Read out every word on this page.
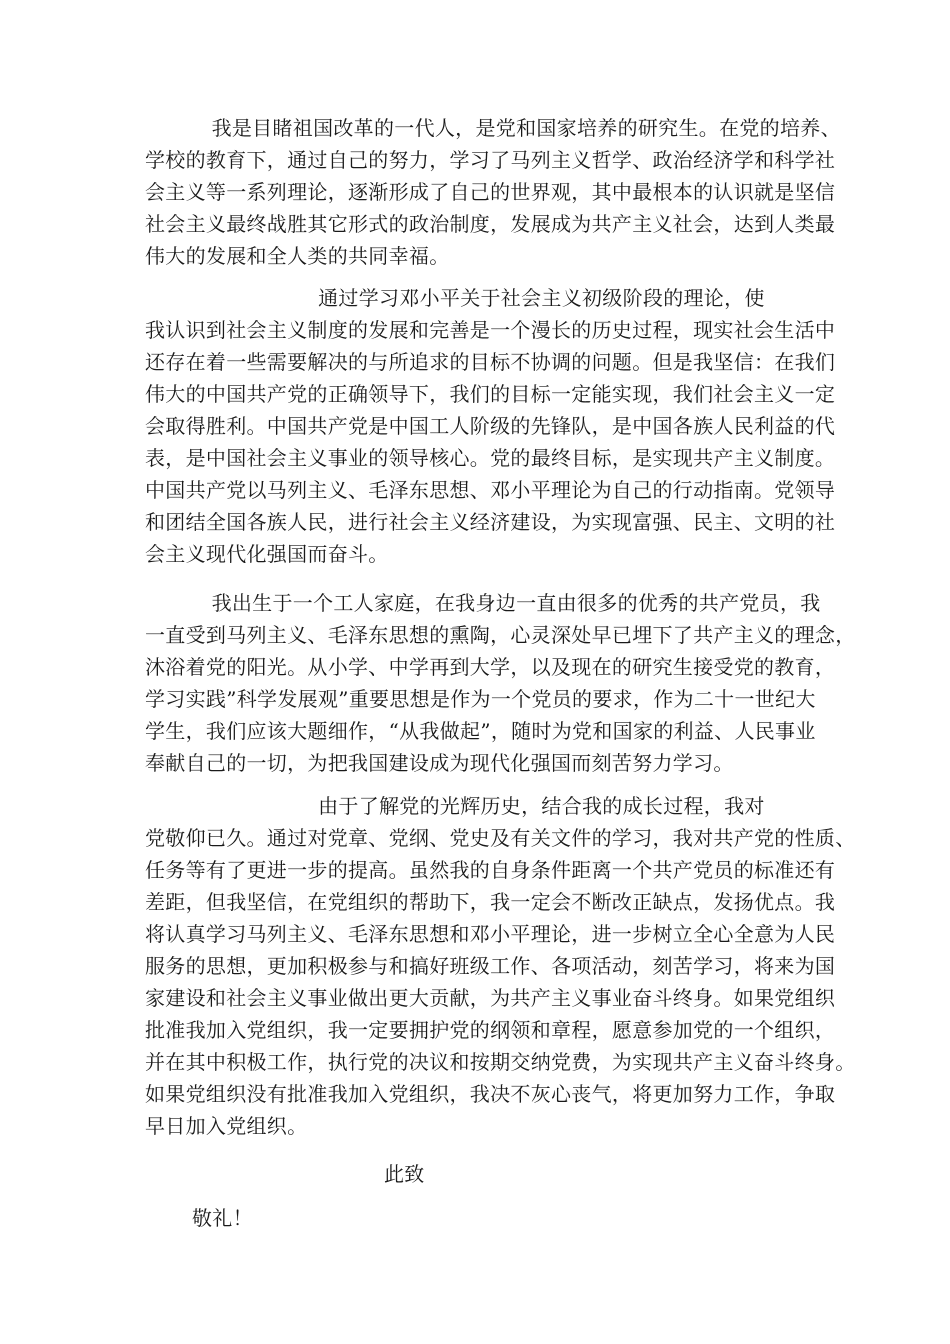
我是目睹祖国改革的一代人，是党和国家培养的研究生。在党的培养、
学校的教育下，通过自己的努力，学习了马列主义哲学、政治经济学和科学社
会主义等一系列理论，逐渐形成了自己的世界观，其中最根本的认识就是坚信
社会主义最终战胜其它形式的政治制度，发展成为共产主义社会，达到人类最
伟大的发展和全人类的共同幸福。
通过学习邓小平关于社会主义初级阶段的理论，使
我认识到社会主义制度的发展和完善是一个漫长的历史过程，现实社会生活中
还存在着一些需要解决的与所追求的目标不协调的问题。但是我坚信：在我们
伟大的中国共产党的正确领导下，我们的目标一定能实现，我们社会主义一定
会取得胜利。中国共产党是中国工人阶级的先锋队，是中国各族人民利益的代
表，是中国社会主义事业的领导核心。党的最终目标，是实现共产主义制度。
中国共产党以马列主义、毛泽东思想、邓小平理论为自己的行动指南。党领导
和团结全国各族人民，进行社会主义经济建设，为实现富强、民主、文明的社
会主义现代化强国而奋斗。
我出生于一个工人家庭，在我身边一直由很多的优秀的共产党员，我
一直受到马列主义、毛泽东思想的熏陶，心灵深处早已埋下了共产主义的理念，
沐浴着党的阳光。从小学、中学再到大学，以及现在的研究生接受党的教育，
学习实践”科学发展观”重要思想是作为一个党员的要求，作为二十一世纪大
学生，我们应该大题细作，“从我做起”，随时为党和国家的利益、人民事业
奉献自己的一切，为把我国建设成为现代化强国而刻苦努力学习。
由于了解党的光辉历史，结合我的成长过程，我对
党敬仰已久。通过对党章、党纲、党史及有关文件的学习，我对共产党的性质、
任务等有了更进一步的提高。虽然我的自身条件距离一个共产党员的标准还有
差距，但我坚信，在党组织的帮助下，我一定会不断改正缺点，发扬优点。我
将认真学习马列主义、毛泽东思想和邓小平理论，进一步树立全心全意为人民
服务的思想，更加积极参与和搞好班级工作、各项活动，刻苦学习，将来为国
家建设和社会主义事业做出更大贡献，为共产主义事业奋斗终身。如果党组织
批准我加入党组织，我一定要拥护党的纲领和章程，愿意参加党的一个组织，
并在其中积极工作，执行党的决议和按期交纳党费，为实现共产主义奋斗终身。
如果党组织没有批准我加入党组织，我决不灰心丧气，将更加努力工作，争取
早日加入党组织。

此致

敬礼！
